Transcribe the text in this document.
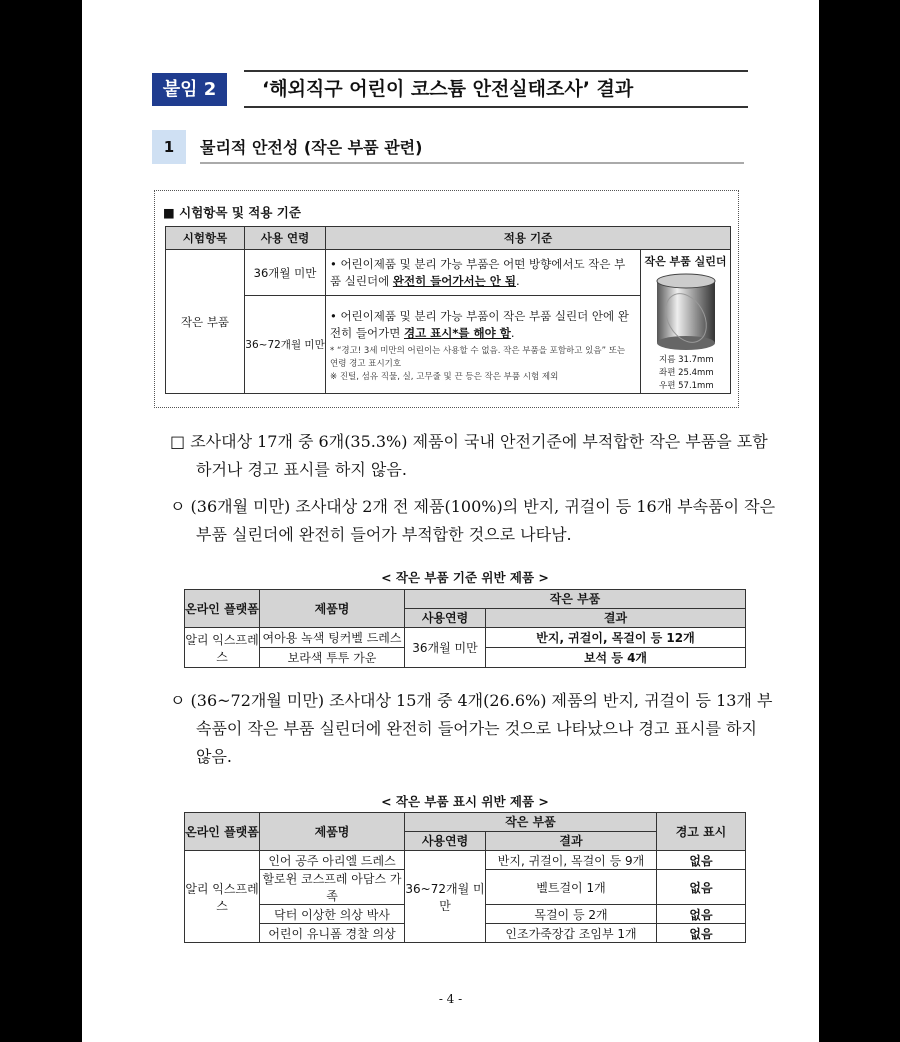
붙임 2	‘해외직구 어린이 코스튬 안전실태조사’ 결과
1	물리적 안전성 (작은 부품 관련)
■ 시험항목 및 적용 기준
시험항목	사용 연령	적용 기준	
작은 부품	36개월 미만	• 어린이제품 및 분리 가능 부품은 어떤 방향에서도 작은 부품 실린더에 완전히 들어가서는 안 됨.	작은 부품 실린더
지름 31.7mm
좌편 25.4mm
우편 57.1mm

	36~72개월 미만	• 어린이제품 및 분리 가능 부품이 작은 부품 실린더 안에 완전히 들어가면 경고 표시*를 해야 함.
* “경고! 3세 미만의 어린이는 사용할 수 없음. 작은 부품을 포함하고 있음” 또는 연령 경고 표시기호
※ 진털, 섬유 직물, 실, 고무줄 및 끈 등은 작은 부품 시험 제외	
□ 조사대상 17개 중 6개(35.3%) 제품이 국내 안전기준에 부적합한 작은 부품을 포함하거나 경고 표시를 하지 않음.
ㅇ (36개월 미만) 조사대상 2개 전 제품(100%)의 반지, 귀걸이 등 16개 부속품이 작은 부품 실린더에 완전히 들어가 부적합한 것으로 나타남.
< 작은 부품 기준 위반 제품 >
온라인 플랫폼	제품명	작은 부품	
		사용연령	결과
알리 익스프레스	여아용 녹색 팅커벨 드레스	36개월 미만	반지, 귀걸이, 목걸이 등 12개
	보라색 투투 가운		보석 등 4개
ㅇ (36~72개월 미만) 조사대상 15개 중 4개(26.6%) 제품의 반지, 귀걸이 등 13개 부속품이 작은 부품 실린더에 완전히 들어가는 것으로 나타났으나 경고 표시를 하지 않음.
< 작은 부품 표시 위반 제품 >
온라인 플랫폼	제품명	작은 부품		경고 표시
		사용연령	결과	
알리 익스프레스	인어 공주 아리엘 드레스	36~72개월 미만	반지, 귀걸이, 목걸이 등 9개	없음
	할로윈 코스프레 아담스 가족		벨트걸이 1개	없음
	닥터 이상한 의상 박사		목걸이 등 2개	없음
	어린이 유니폼 경찰 의상		인조가죽장갑 조임부 1개	없음
- 4 -
